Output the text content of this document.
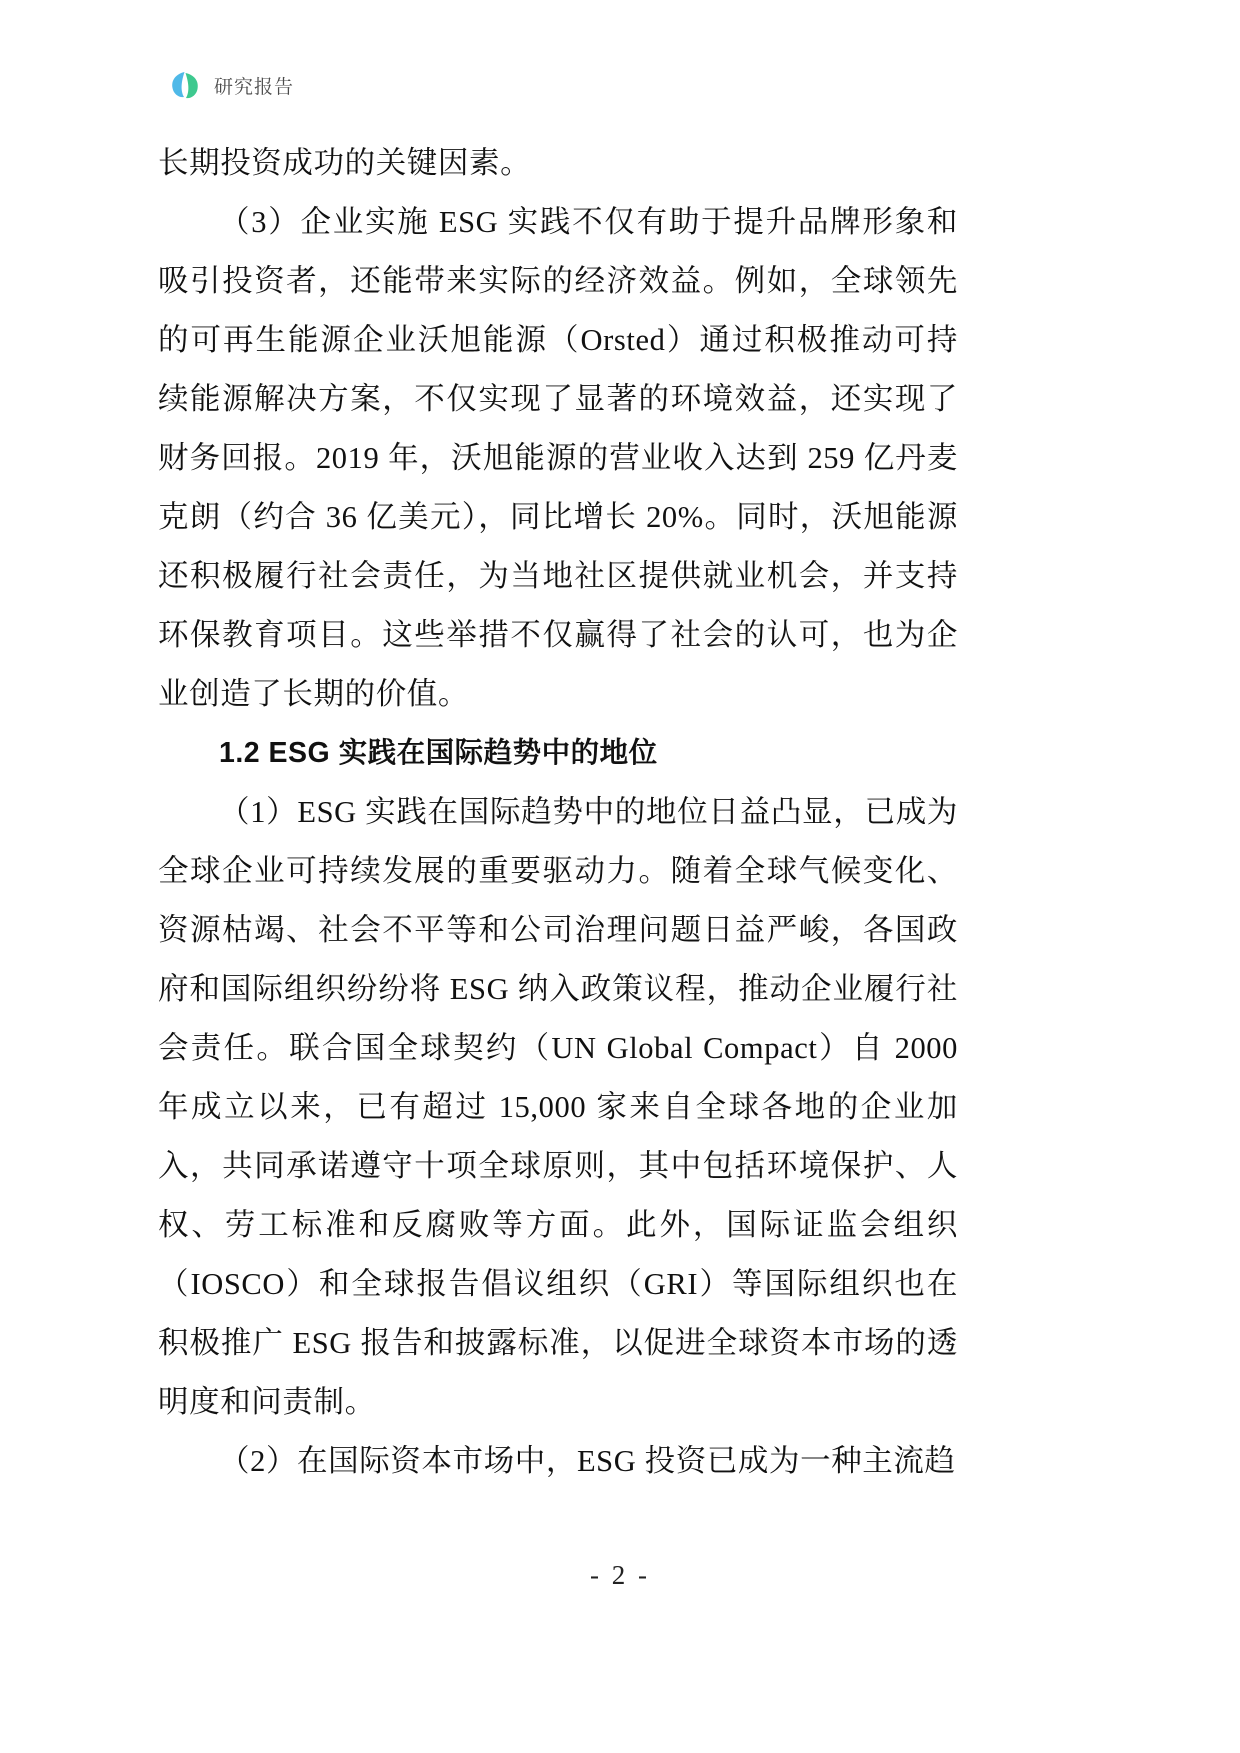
研究报告

长期投资成功的关键因素。

（3）企业实施 ESG 实践不仅有助于提升品牌形象和吸引投资者，还能带来实际的经济效益。例如，全球领先的可再生能源企业沃旭能源（Orsted）通过积极推动可持续能源解决方案，不仅实现了显著的环境效益，还实现了财务回报。2019 年，沃旭能源的营业收入达到 259 亿丹麦克朗（约合 36 亿美元），同比增长 20%。同时，沃旭能源还积极履行社会责任，为当地社区提供就业机会，并支持环保教育项目。这些举措不仅赢得了社会的认可，也为企业创造了长期的价值。

1.2 ESG 实践在国际趋势中的地位

（1）ESG 实践在国际趋势中的地位日益凸显，已成为全球企业可持续发展的重要驱动力。随着全球气候变化、资源枯竭、社会不平等和公司治理问题日益严峻，各国政府和国际组织纷纷将 ESG 纳入政策议程，推动企业履行社会责任。联合国全球契约（UN Global Compact）自 2000 年成立以来，已有超过 15,000 家来自全球各地的企业加入，共同承诺遵守十项全球原则，其中包括环境保护、人权、劳工标准和反腐败等方面。此外，国际证监会组织（IOSCO）和全球报告倡议组织（GRI）等国际组织也在积极推广 ESG 报告和披露标准，以促进全球资本市场的透明度和问责制。

（2）在国际资本市场中，ESG 投资已成为一种主流趋

- 2 -
